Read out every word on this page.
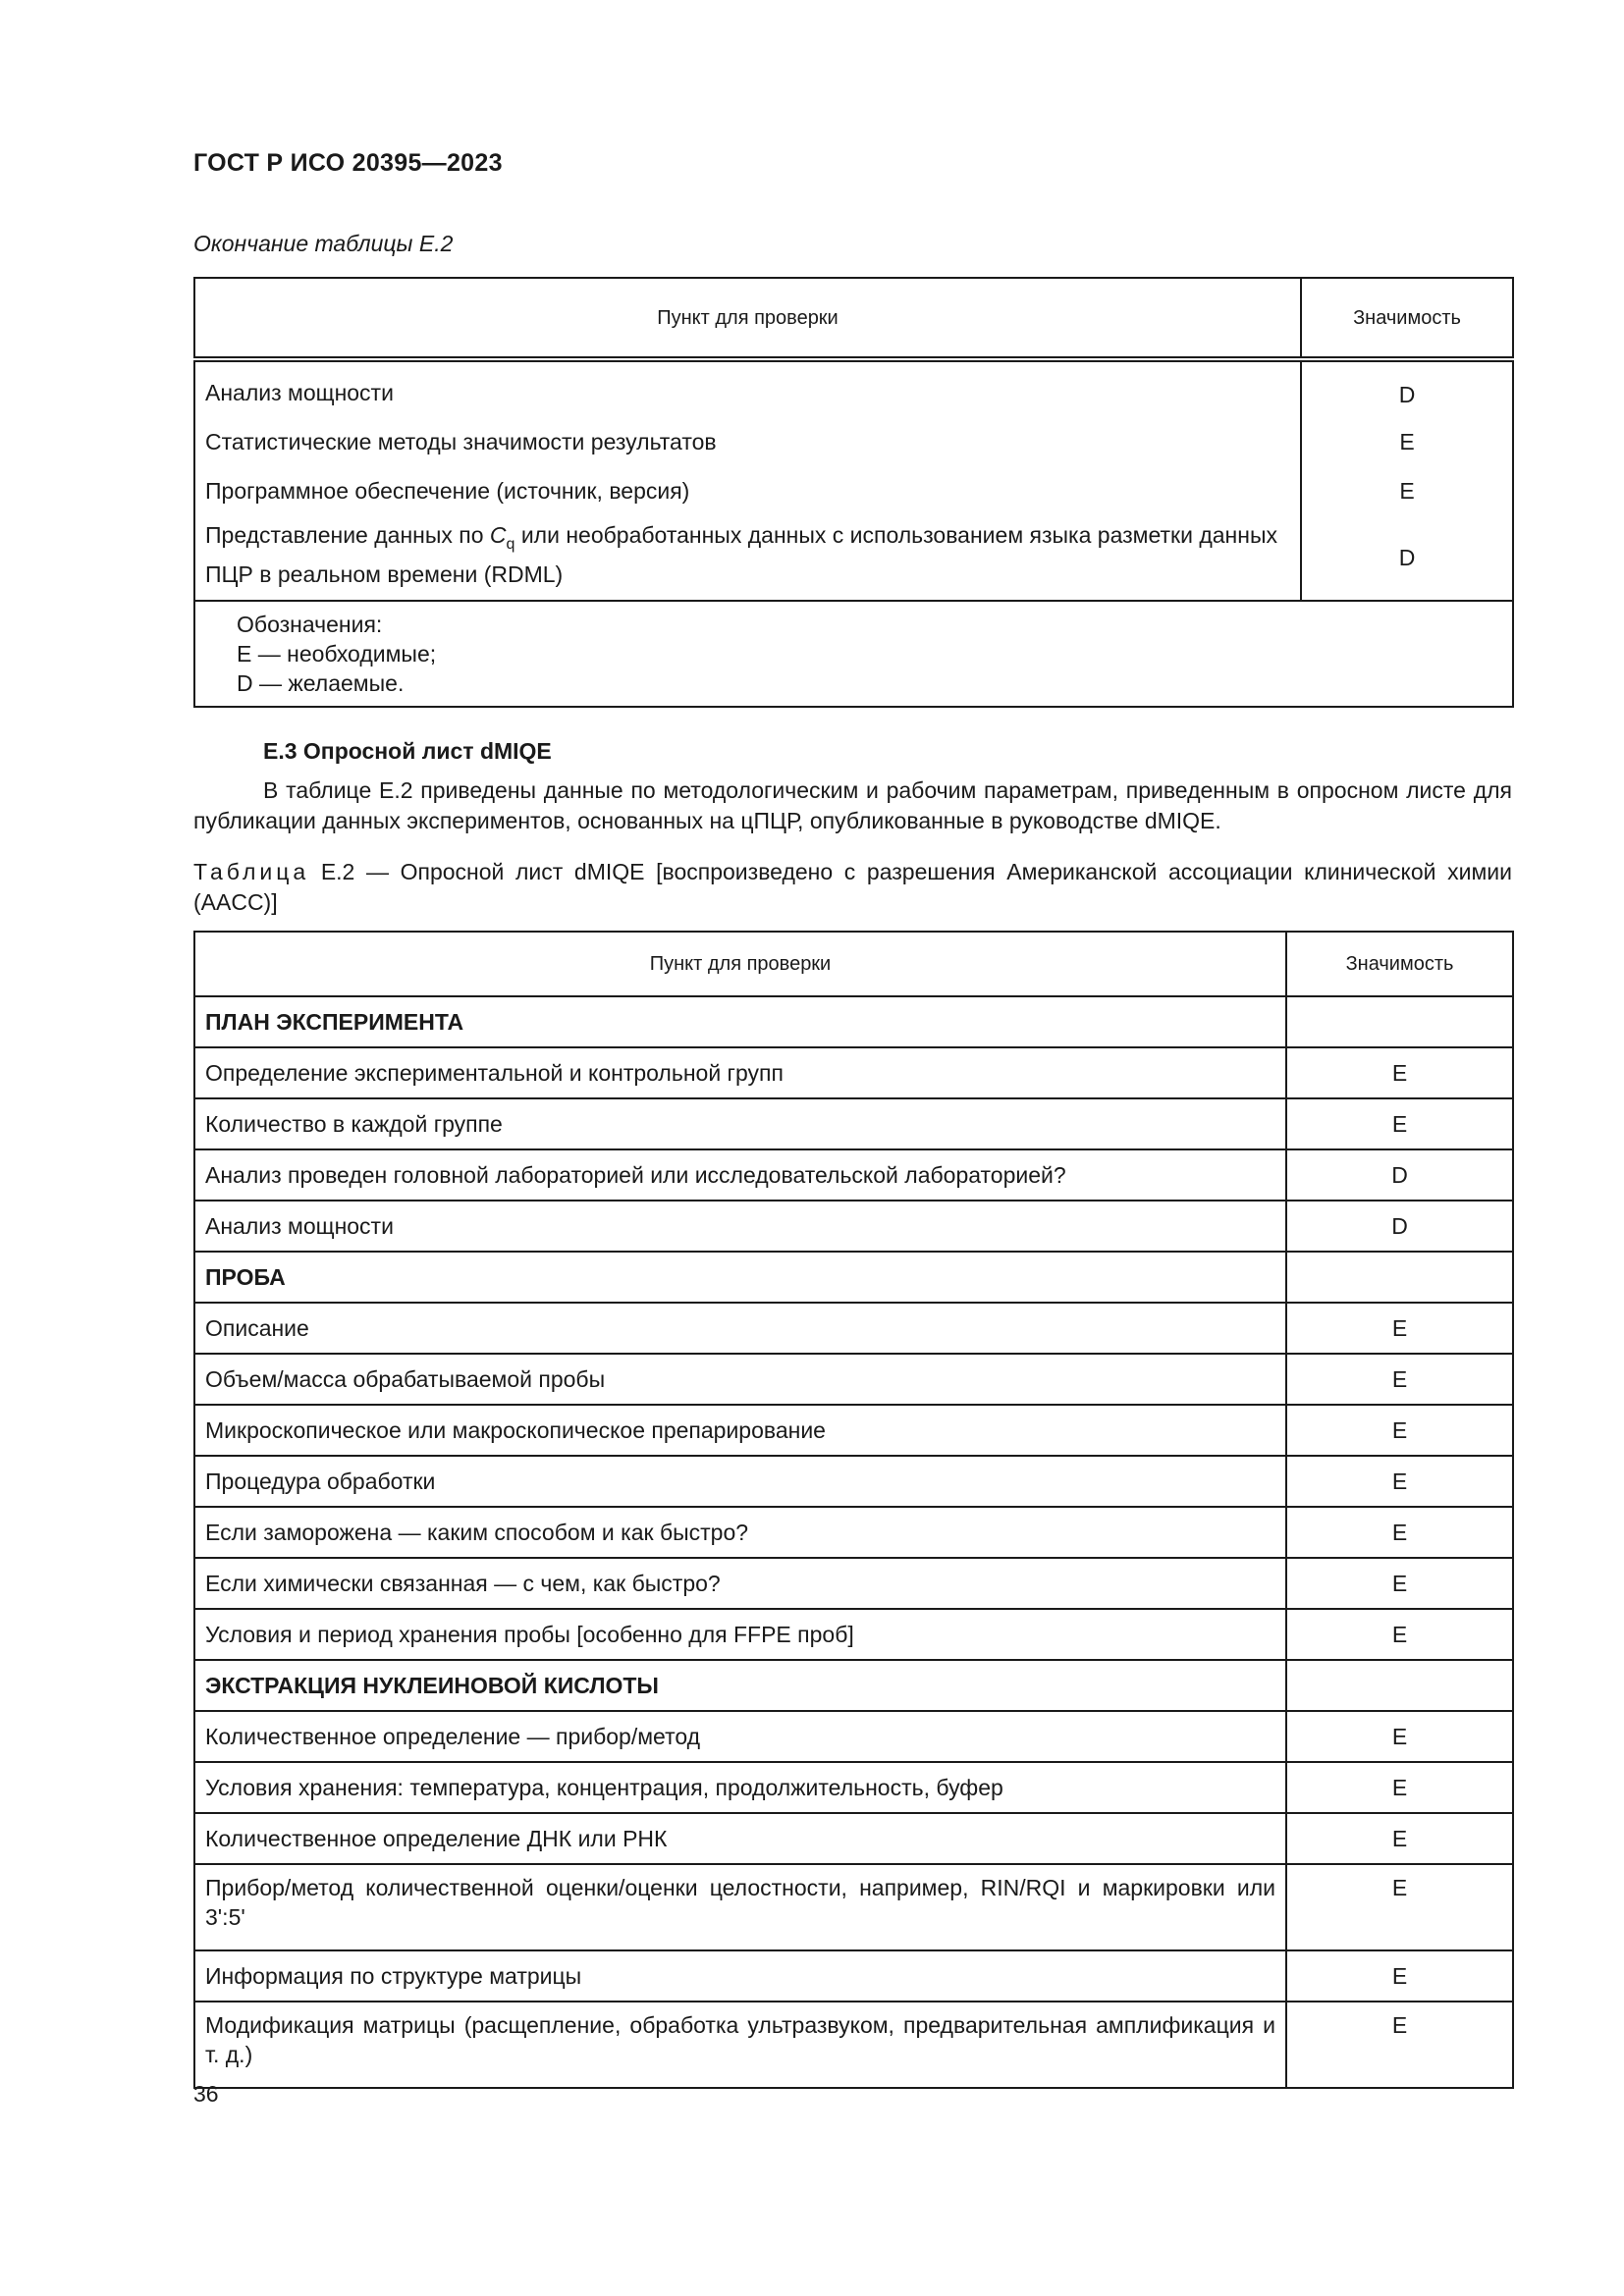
ГОСТ Р ИСО 20395—2023
Окончание таблицы Е.2
Пункт для проверки	Значимость
Анализ мощности	D
Статистические методы значимости результатов	E
Программное обеспечение (источник, версия)	E
Представление данных по $C_q$ или необработанных данных с использованием языка разметки данных ПЦР в реальном времени (RDML)	D

Обозначения:
E — необходимые;
D — желаемые.	
Е.3 Опросной лист dMIQE
В таблице Е.2 приведены данные по методологическим и рабочим параметрам, приведенным в опросном листе для публикации данных экспериментов, основанных на цПЦР, опубликованные в руководстве dMIQE.
Таблица Е.2 — Опросной лист dMIQE [воспроизведено с разрешения Американской ассоциации клинической химии (AACC)]
Пункт для проверки	Значимость
ПЛАН ЭКСПЕРИМЕНТА	
Определение экспериментальной и контрольной групп	E
Количество в каждой группе	E
Анализ проведен головной лабораторией или исследовательской лабораторией?	D
Анализ мощности	D
ПРОБА	
Описание	E
Объем/масса обрабатываемой пробы	E
Микроскопическое или макроскопическое препарирование	E
Процедура обработки	E
Если заморожена — каким способом и как быстро?	E
Если химически связанная — с чем, как быстро?	E
Условия и период хранения пробы [особенно для FFPE проб]	E
ЭКСТРАКЦИЯ НУКЛЕИНОВОЙ КИСЛОТЫ	
Количественное определение — прибор/метод	E
Условия хранения: температура, концентрация, продолжительность, буфер	E
Количественное определение ДНК или РНК	E
Прибор/метод количественной оценки/оценки целостности, например, RIN/RQI и маркировки или 3':5'	E
Информация по структуре матрицы	E
Модификация матрицы (расщепление, обработка ультразвуком, предварительная амплификация и т. д.)	E
36
